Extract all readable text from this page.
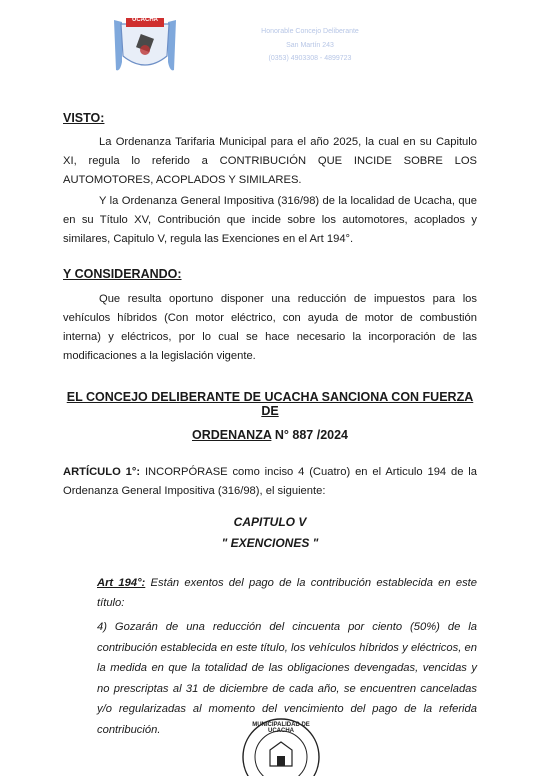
UCACHA
Honorable Concejo Deliberante
San Martín 243
(0353) 4903308 - 4899723
VISTO:
La Ordenanza Tarifaria Municipal para el año 2025, la cual en su Capitulo XI, regula lo referido a CONTRIBUCIÓN QUE INCIDE SOBRE LOS AUTOMOTORES, ACOPLADOS Y SIMILARES.
Y la Ordenanza General Impositiva (316/98) de la localidad de Ucacha, que en su Título XV, Contribución que incide sobre los automotores, acoplados y similares, Capitulo V, regula las Exenciones en el Art 194°.
Y CONSIDERANDO:
Que resulta oportuno disponer una reducción de impuestos para los vehículos híbridos (Con motor eléctrico, con ayuda de motor de combustión interna) y eléctricos, por lo cual se hace necesario la incorporación de las modificaciones a la legislación vigente.
EL CONCEJO DELIBERANTE DE UCACHA SANCIONA CON FUERZA DE
ORDENANZA N° 887 /2024
ARTÍCULO 1°: INCORPÓRASE como inciso 4 (Cuatro) en el Articulo 194 de la Ordenanza General Impositiva (316/98), el siguiente:
CAPITULO V
" EXENCIONES "
Art 194°: Están exentos del pago de la contribución establecida en este título:
4) Gozarán de una reducción del cincuenta por ciento (50%) de la contribución establecida en este título, los vehículos híbridos y eléctricos, en la medida en que la totalidad de las obligaciones devengadas, vencidas y no prescriptas al 31 de diciembre de cada año, se encuentren canceladas y/o regularizadas al momento del vencimiento del pago de la referida contribución.	MUNICIPALIDAD DE UCACHA
